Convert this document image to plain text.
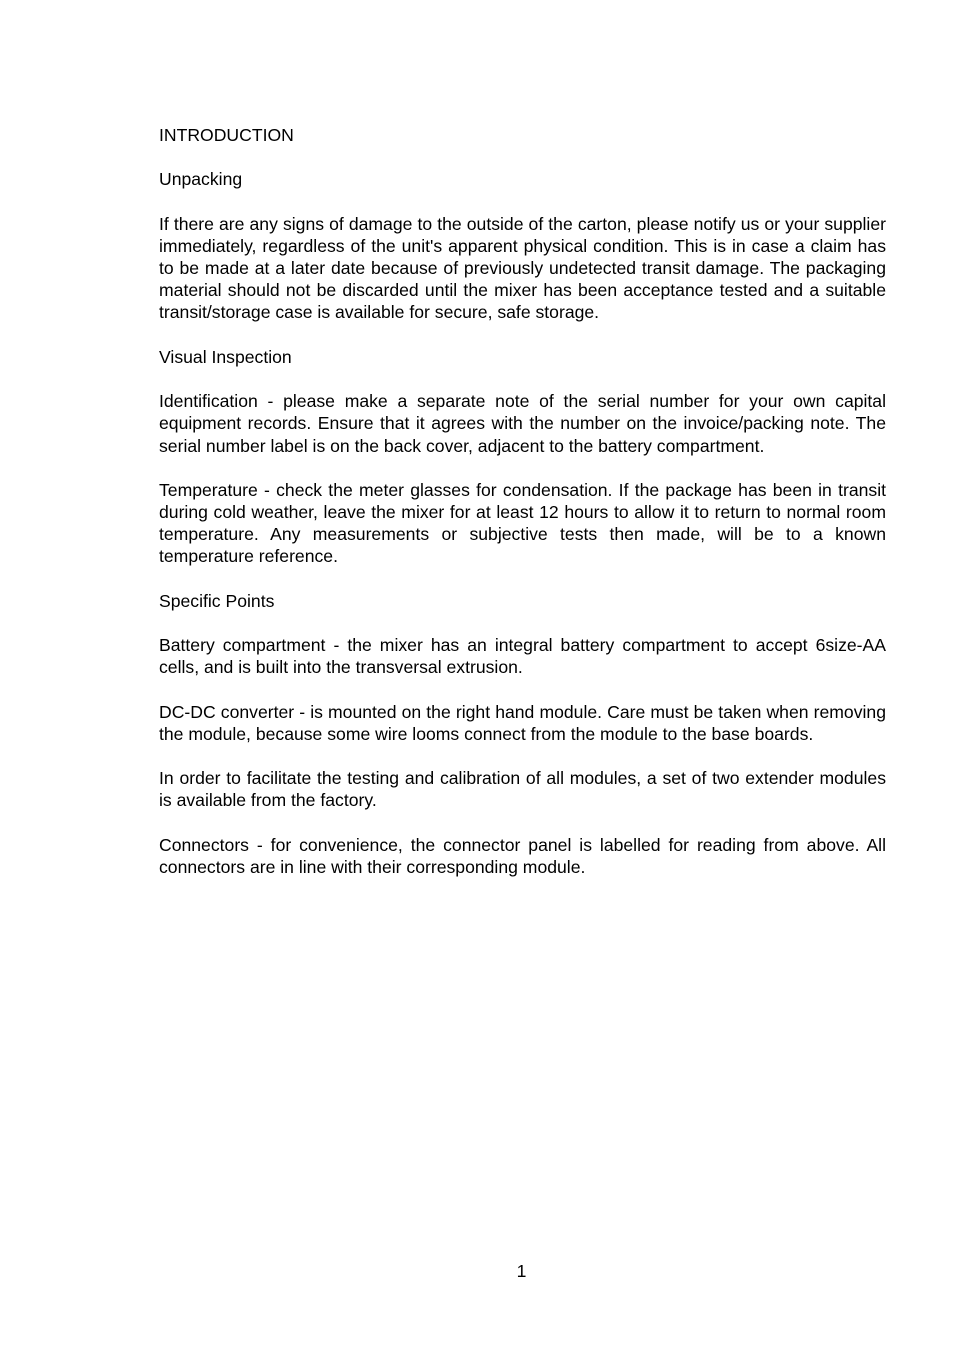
INTRODUCTION
Unpacking
If there are any signs of damage to the outside of the carton, please notify us or your supplier immediately, regardless of the unit's apparent physical condition. This is in case a claim has to be made at a later date because of previously undetected transit damage. The packaging material should not be discarded until the mixer has been acceptance tested and a suitable transit/storage case is available for secure, safe storage.
Visual Inspection
Identification - please make a separate note of the serial number for your own capital equipment records. Ensure that it agrees with the number on the invoice/packing note. The serial number label is on the back cover, adjacent to the battery compartment.
Temperature - check the meter glasses for condensation. If the package has been in transit during cold weather, leave the mixer for at least 12 hours to allow it to return to normal room temperature. Any measurements or subjective tests then made, will be to a known temperature reference.
Specific Points
Battery compartment - the mixer has an integral battery compartment to accept 6size-AA cells, and is built into the transversal extrusion.
DC-DC converter - is mounted on the right hand module. Care must be taken when removing the module, because some wire looms connect from the module to the base boards.
In order to facilitate the testing and calibration of all modules, a set of two extender modules is available from the factory.
Connectors - for convenience, the connector panel is labelled for reading from above. All connectors are in line with their corresponding module.
1
